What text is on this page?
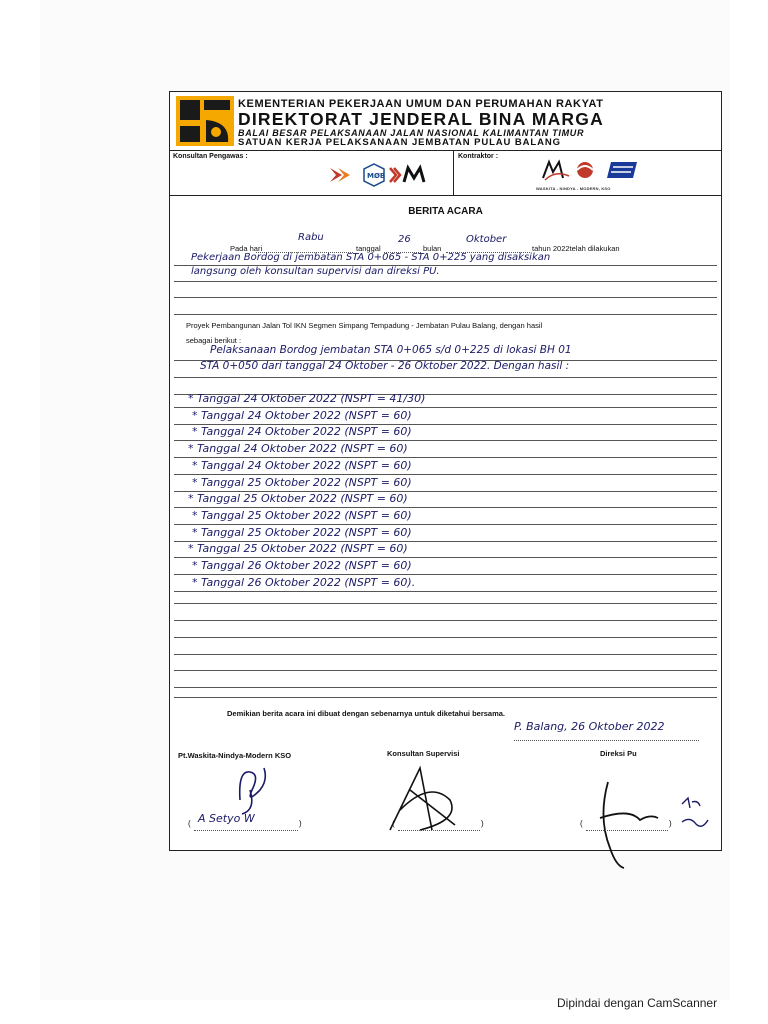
KEMENTERIAN PEKERJAAN UMUM DAN PERUMAHAN RAKYAT
DIREKTORAT JENDERAL BINA MARGA
BALAI BESAR PELAKSANAAN JALAN NASIONAL KALIMANTAN TIMUR
SATUAN KERJA PELAKSANAAN JEMBATAN PULAU BALANG
Konsultan Pengawas :	Kontraktor :
MØB
WASKITA - NINDYA - MODERN, KSO
BERITA ACARA
Pada hari
Rabu
tanggal
26
bulan
Oktober
tahun 2022telah dilakukan
Pekerjaan Bordog di jembatan STA 0+065 - STA 0+225 yang disaksikan
langsung oleh konsultan supervisi dan direksi PU.
Proyek Pembangunan Jalan Tol IKN Segmen Simpang Tempadung - Jembatan Pulau Balang, dengan hasil
sebagai berikut :
Pelaksanaan Bordog jembatan STA 0+065 s/d 0+225 di lokasi BH 01
STA 0+050 dari tanggal 24 Oktober - 26 Oktober 2022. Dengan hasil :
* Tanggal 24 Oktober 2022 (NSPT = 41/30)
* Tanggal 24 Oktober 2022 (NSPT = 60)
* Tanggal 24 Oktober 2022 (NSPT = 60)
* Tanggal 24 Oktober 2022 (NSPT = 60)
* Tanggal 24 Oktober 2022 (NSPT = 60)
* Tanggal 25 Oktober 2022 (NSPT = 60)
* Tanggal 25 Oktober 2022 (NSPT = 60)
* Tanggal 25 Oktober 2022 (NSPT = 60)
* Tanggal 25 Oktober 2022 (NSPT = 60)
* Tanggal 25 Oktober 2022 (NSPT = 60)
* Tanggal 26 Oktober 2022 (NSPT = 60)
* Tanggal 26 Oktober 2022 (NSPT = 60).
Demikian berita acara ini dibuat dengan sebenarnya untuk diketahui bersama.
P. Balang, 26 Oktober 2022
Pt.Waskita-Nindya-Modern KSO	Konsultan Supervisi	Direksi Pu
( A Setyo W	)	(	)	(	)
Dipindai dengan CamScanner
